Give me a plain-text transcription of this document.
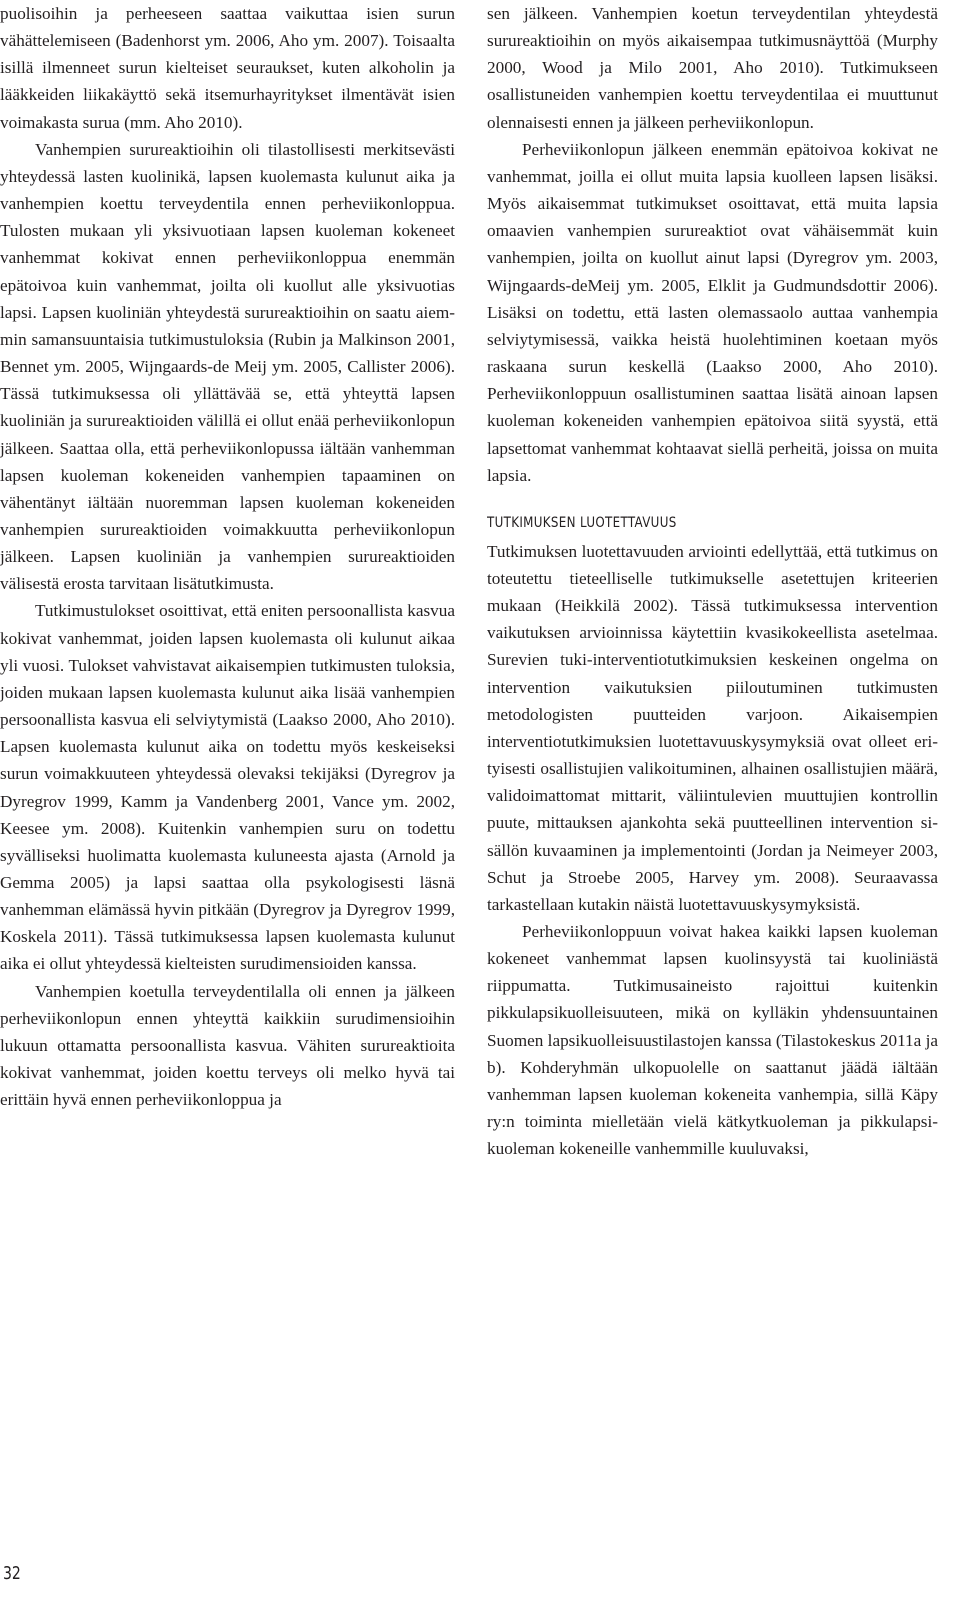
puolisoihin ja perheeseen saattaa vaikuttaa isien surun vähättelemiseen (Badenhorst ym. 2006, Aho ym. 2007). Toisaalta isillä ilmenneet surun kielteiset seuraukset, kuten alkoholin ja lääkkeiden liikakäyttö sekä itsemurhayritykset ilmentävät isien voimakasta surua (mm. Aho 2010).

Vanhempien surureaktioihin oli tilastollisesti merkitsevästi yhteydessä lasten kuolinikä, lapsen kuolemasta kulunut aika ja vanhempien koettu terveydentila ennen perheviikonloppua. Tulosten mukaan yli yksivuotiaan lapsen kuoleman kokeneet vanhemmat kokivat ennen perheviikonloppua enemmän epätoivoa kuin vanhemmat, joilta oli kuollut alle yksivuotias lapsi. Lapsen kuoliniän yhteydestä surureaktioihin on saatu aiemmin samansuuntaisia tutkimustuloksia (Rubin ja Malkinson 2001, Bennet ym. 2005, Wijngaards-de Meij ym. 2005, Callister 2006). Tässä tutkimuksessa oli yllättävää se, että yhteyttä lapsen kuoliniän ja surureaktioiden välillä ei ollut enää perheviikonlopun jälkeen. Saattaa olla, että perheviikonlopussa iältään vanhemman lapsen kuoleman kokeneiden vanhempien tapaaminen on vähentänyt iältään nuoremman lapsen kuoleman kokeneiden vanhempien surureaktioiden voimakkuutta perheviikonlopun jälkeen. Lapsen kuoliniän ja vanhempien surureaktioiden välisestä erosta tarvitaan lisätutkimusta.

Tutkimustulokset osoittivat, että eniten persoonallista kasvua kokivat vanhemmat, joiden lapsen kuolemasta oli kulunut aikaa yli vuosi. Tulokset vahvistavat aikaisempien tutkimusten tuloksia, joiden mukaan lapsen kuolemasta kulunut aika lisää vanhempien persoonallista kasvua eli selviytymistä (Laakso 2000, Aho 2010). Lapsen kuolemasta kulunut aika on todettu myös keskeiseksi surun voimakkuuteen yhteydessä olevaksi tekijäksi (Dyregrov ja Dyregrov 1999, Kamm ja Vandenberg 2001, Vance ym. 2002, Keesee ym. 2008). Kuitenkin vanhempien suru on todettu syvälliseksi huolimatta kuolemasta kuluneesta ajasta (Arnold ja Gemma 2005) ja lapsi saattaa olla psykologisesti läsnä vanhemman elämässä hyvin pitkään (Dyregrov ja Dyregrov 1999, Koskela 2011). Tässä tutkimuksessa lapsen kuolemasta kulunut aika ei ollut yhteydessä kielteisten surudimensioiden kanssa.

Vanhempien koetulla terveydentilalla oli ennen ja jälkeen perheviikonlopun ennen yhteyttä kaikkiin surudimensioihin lukuun ottamatta persoonallista kasvua. Vähiten surureaktioita kokivat vanhemmat, joiden koettu terveys oli melko hyvä tai erittäin hyvä ennen perheviikonloppua ja

sen jälkeen. Vanhempien koetun terveydentilan yhteydestä surureaktioihin on myös aikaisempaa tutkimusnäyttöä (Murphy 2000, Wood ja Milo 2001, Aho 2010). Tutkimukseen osallistuneiden vanhempien koettu terveydentilaa ei muuttunut olennaisesti ennen ja jälkeen perheviikonlopun.

Perheviikonlopun jälkeen enemmän epätoivoa kokivat ne vanhemmat, joilla ei ollut muita lapsia kuolleen lapsen lisäksi. Myös aikaisemmat tutkimukset osoittavat, että muita lapsia omaavien vanhempien surureaktiot ovat vähäisemmät kuin vanhempien, joilta on kuollut ainut lapsi (Dyregrov ym. 2003, Wijngaards-deMeij ym. 2005, Elklit ja Gudmundsdottir 2006). Lisäksi on todettu, että lasten olemassaolo auttaa vanhempia selviytymisessä, vaikka heistä huolehtiminen koetaan myös raskaana surun keskellä (Laakso 2000, Aho 2010). Perheviikonloppuun osallistuminen saattaa lisätä ainoan lapsen kuoleman kokeneiden vanhempien epätoivoa siitä syystä, että lapsettomat vanhemmat kohtaavat siellä perheitä, joissa on muita lapsia.

TUTKIMUKSEN LUOTETTAVUUS

Tutkimuksen luotettavuuden arviointi edellyttää, että tutkimus on toteutettu tieteelliselle tutkimukselle asetettujen kriteerien mukaan (Heikkilä 2002). Tässä tutkimuksessa intervention vaikutuksen arvioinnissa käytettiin kvasikokeellista asetelmaa. Surevien tuki-interventiotutkimuksien keskeinen ongelma on intervention vaikutuksien piiloutuminen tutkimusten metodologisten puutteiden varjoon. Aikaisempien interventiotutkimuksien luotettavuuskysymyksiä ovat olleet erityisesti osallistujien valikoituminen, alhainen osallistujien määrä, validoimattomat mittarit, väliintulevien muuttujien kontrollin puute, mittauksen ajankohta sekä puutteellinen intervention sisällön kuvaaminen ja implementointi (Jordan ja Neimeyer 2003, Schut ja Stroebe 2005, Harvey ym. 2008). Seuraavassa tarkastellaan kutakin näistä luotettavuuskysymyksistä.

Perheviikonloppuun voivat hakea kaikki lapsen kuoleman kokeneet vanhemmat lapsen kuolinsyystä tai kuoliniästä riippumatta. Tutkimusaineisto rajoittui kuitenkin pikkulapsikuolleisuuteen, mikä on kylläkin yhdensuuntainen Suomen lapsikuolleisuustilastojen kanssa (Tilastokeskus 2011a ja b). Kohderyhmän ulkopuolelle on saattanut jäädä iältään vanhemman lapsen kuoleman kokeneita vanhempia, sillä Käpy ry:n toiminta mielletään vielä kätkytkuoleman ja pikkulapsikuoleman kokeneille vanhemmille kuuluvaksi,

32
